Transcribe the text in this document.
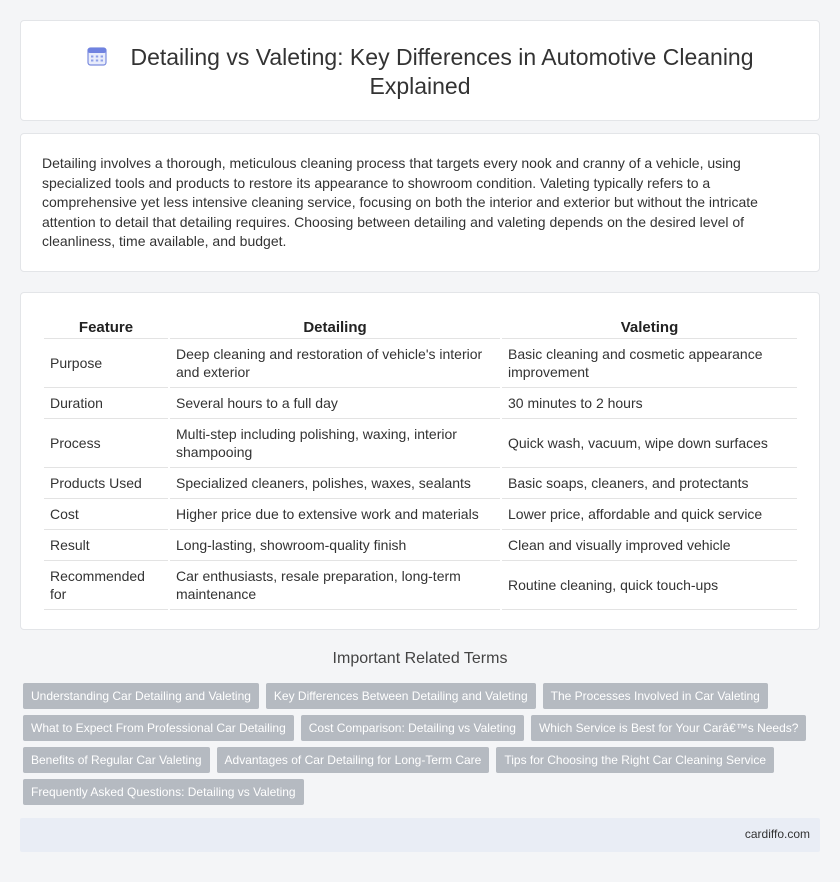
Detailing vs Valeting: Key Differences in Automotive Cleaning Explained

Detailing involves a thorough, meticulous cleaning process that targets every nook and cranny of a vehicle, using specialized tools and products to restore its appearance to showroom condition. Valeting typically refers to a comprehensive yet less intensive cleaning service, focusing on both the interior and exterior but without the intricate attention to detail that detailing requires. Choosing between detailing and valeting depends on the desired level of cleanliness, time available, and budget.

Feature	Detailing	Valeting
Purpose	Deep cleaning and restoration of vehicle's interior and exterior	Basic cleaning and cosmetic appearance improvement
Duration	Several hours to a full day	30 minutes to 2 hours
Process	Multi-step including polishing, waxing, interior shampooing	Quick wash, vacuum, wipe down surfaces
Products Used	Specialized cleaners, polishes, waxes, sealants	Basic soaps, cleaners, and protectants
Cost	Higher price due to extensive work and materials	Lower price, affordable and quick service
Result	Long-lasting, showroom-quality finish	Clean and visually improved vehicle
Recommended for	Car enthusiasts, resale preparation, long-term maintenance	Routine cleaning, quick touch-ups
Important Related Terms
Understanding Car Detailing and Valeting	Key Differences Between Detailing and Valeting	The Processes Involved in Car Valeting
What to Expect From Professional Car Detailing	Cost Comparison: Detailing vs Valeting	Which Service is Best for Your Carâ€™s Needs?
Benefits of Regular Car Valeting	Advantages of Car Detailing for Long-Term Care	Tips for Choosing the Right Car Cleaning Service
Frequently Asked Questions: Detailing vs Valeting
cardiffo.com
